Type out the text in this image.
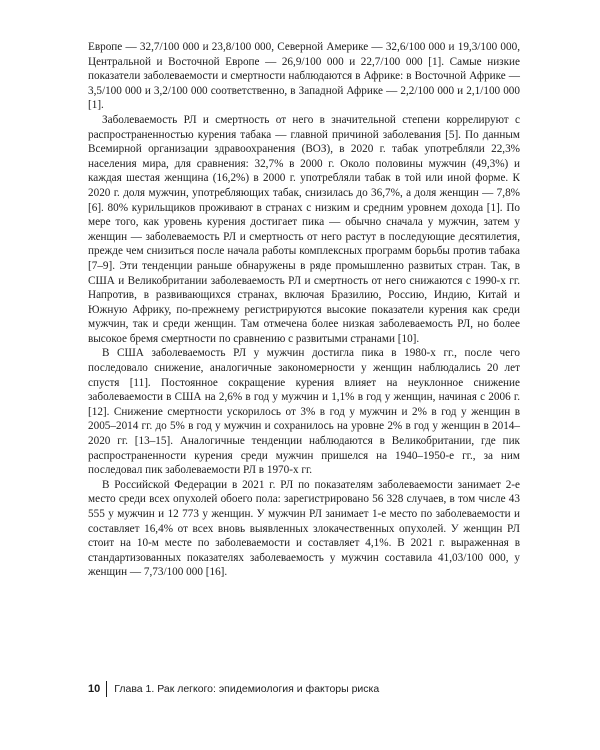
Европе — 32,7/100 000 и 23,8/100 000, Северной Америке — 32,6/100 000 и 19,3/100 000, Центральной и Восточной Европе — 26,9/100 000 и 22,7/100 000 [1]. Самые низкие показатели заболеваемости и смертности наблюдаются в Африке: в Восточной Африке — 3,5/100 000 и 3,2/100 000 соответственно, в Западной Африке — 2,2/100 000 и 2,1/100 000 [1].

Заболеваемость РЛ и смертность от него в значительной степени коррелируют с распространенностью курения табака — главной причиной заболевания [5]. По данным Всемирной организации здравоохранения (ВОЗ), в 2020 г. табак употребляли 22,3% населения мира, для сравнения: 32,7% в 2000 г. Около половины мужчин (49,3%) и каждая шестая женщина (16,2%) в 2000 г. употребляли табак в той или иной форме. К 2020 г. доля мужчин, употребляющих табак, снизилась до 36,7%, а доля женщин — 7,8% [6]. 80% курильщиков проживают в странах с низким и средним уровнем дохода [1]. По мере того, как уровень курения достигает пика — обычно сначала у мужчин, затем у женщин — заболеваемость РЛ и смертность от него растут в последующие десятилетия, прежде чем снизиться после начала работы комплексных программ борьбы против табака [7–9]. Эти тенденции раньше обнаружены в ряде промышленно развитых стран. Так, в США и Великобритании заболеваемость РЛ и смертность от него снижаются с 1990-х гг. Напротив, в развивающихся странах, включая Бразилию, Россию, Индию, Китай и Южную Африку, по-прежнему регистрируются высокие показатели курения как среди мужчин, так и среди женщин. Там отмечена более низкая заболеваемость РЛ, но более высокое бремя смертности по сравнению с развитыми странами [10].

В США заболеваемость РЛ у мужчин достигла пика в 1980-х гг., после чего последовало снижение, аналогичные закономерности у женщин наблюдались 20 лет спустя [11]. Постоянное сокращение курения влияет на неуклонное снижение заболеваемости в США на 2,6% в год у мужчин и 1,1% в год у женщин, начиная с 2006 г. [12]. Снижение смертности ускорилось от 3% в год у мужчин и 2% в год у женщин в 2005–2014 гг. до 5% в год у мужчин и сохранилось на уровне 2% в год у женщин в 2014–2020 гг. [13–15]. Аналогичные тенденции наблюдаются в Великобритании, где пик распространенности курения среди мужчин пришелся на 1940–1950-е гг., за ним последовал пик заболеваемости РЛ в 1970-х гг.

В Российской Федерации в 2021 г. РЛ по показателям заболеваемости занимает 2-е место среди всех опухолей обоего пола: зарегистрировано 56 328 случаев, в том числе 43 555 у мужчин и 12 773 у женщин. У мужчин РЛ занимает 1-е место по заболеваемости и составляет 16,4% от всех вновь выявленных злокачественных опухолей. У женщин РЛ стоит на 10-м месте по заболеваемости и составляет 4,1%. В 2021 г. выраженная в стандартизованных показателях заболеваемость у мужчин составила 41,03/100 000, у женщин — 7,73/100 000 [16].

10 Глава 1. Рак легкого: эпидемиология и факторы риска
